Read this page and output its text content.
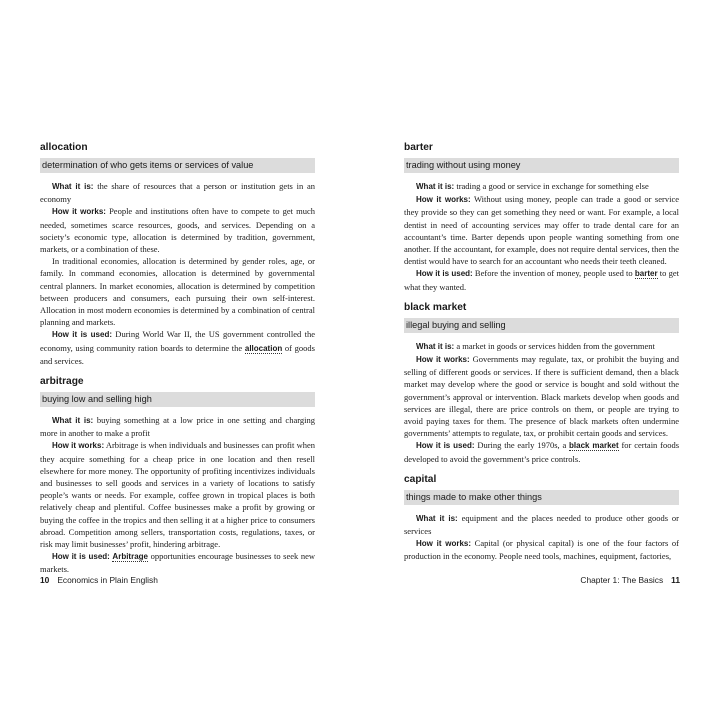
allocation
determination of who gets items or services of value

What it is: the share of resources that a person or institution gets in an economy

How it works: People and institutions often have to compete to get much needed, sometimes scarce resources, goods, and services. Depending on a society’s economic type, allocation is determined by tradition, government, markets, or a combination of these.

In traditional economies, allocation is determined by gender roles, age, or family. In command economies, allocation is determined by governmental central planners. In market economies, allocation is determined by competition between producers and consumers, each pursuing their own self-interest. Allocation in most modern economies is determined by a combination of central planning and markets.

How it is used: During World War II, the US government controlled the economy, using community ration boards to determine the allocation of goods and services.

arbitrage
buying low and selling high

What it is: buying something at a low price in one setting and charging more in another to make a profit

How it works: Arbitrage is when individuals and businesses can profit when they acquire something for a cheap price in one location and then resell elsewhere for more money. The opportunity of profiting incentivizes individuals and businesses to sell goods and services in a variety of locations to satisfy people’s wants or needs. For example, coffee grown in tropical places is both relatively cheap and plentiful. Coffee businesses make a profit by growing or buying the coffee in the tropics and then selling it at a higher price to consumers abroad. Competition among sellers, transportation costs, regulations, taxes, or risk may limit businesses’ profit, hindering arbitrage.

How it is used: Arbitrage opportunities encourage businesses to seek new markets.

barter
trading without using money

What it is: trading a good or service in exchange for something else

How it works: Without using money, people can trade a good or service they provide so they can get something they need or want. For example, a local dentist in need of accounting services may offer to trade dental care for an accountant’s time. Barter depends upon people wanting something from one another. If the accountant, for example, does not require dental services, then the dentist would have to search for an accountant who needs their teeth cleaned.

How it is used: Before the invention of money, people used to barter to get what they wanted.

black market
illegal buying and selling

What it is: a market in goods or services hidden from the government

How it works: Governments may regulate, tax, or prohibit the buying and selling of different goods or services. If there is sufficient demand, then a black market may develop where the good or service is bought and sold without the government’s approval or intervention. Black markets develop when goods and services are illegal, there are price controls on them, or people are trying to avoid paying taxes for them. The presence of black markets often undermine governments’ attempts to regulate, tax, or prohibit certain goods and services.

How it is used: During the early 1970s, a black market for certain foods developed to avoid the government’s price controls.

capital
things made to make other things

What it is: equipment and the places needed to produce other goods or services

How it works: Capital (or physical capital) is one of the four factors of production in the economy. People need tools, machines, equipment, factories,

10 Economics in Plain English	Chapter 1: The Basics 11
